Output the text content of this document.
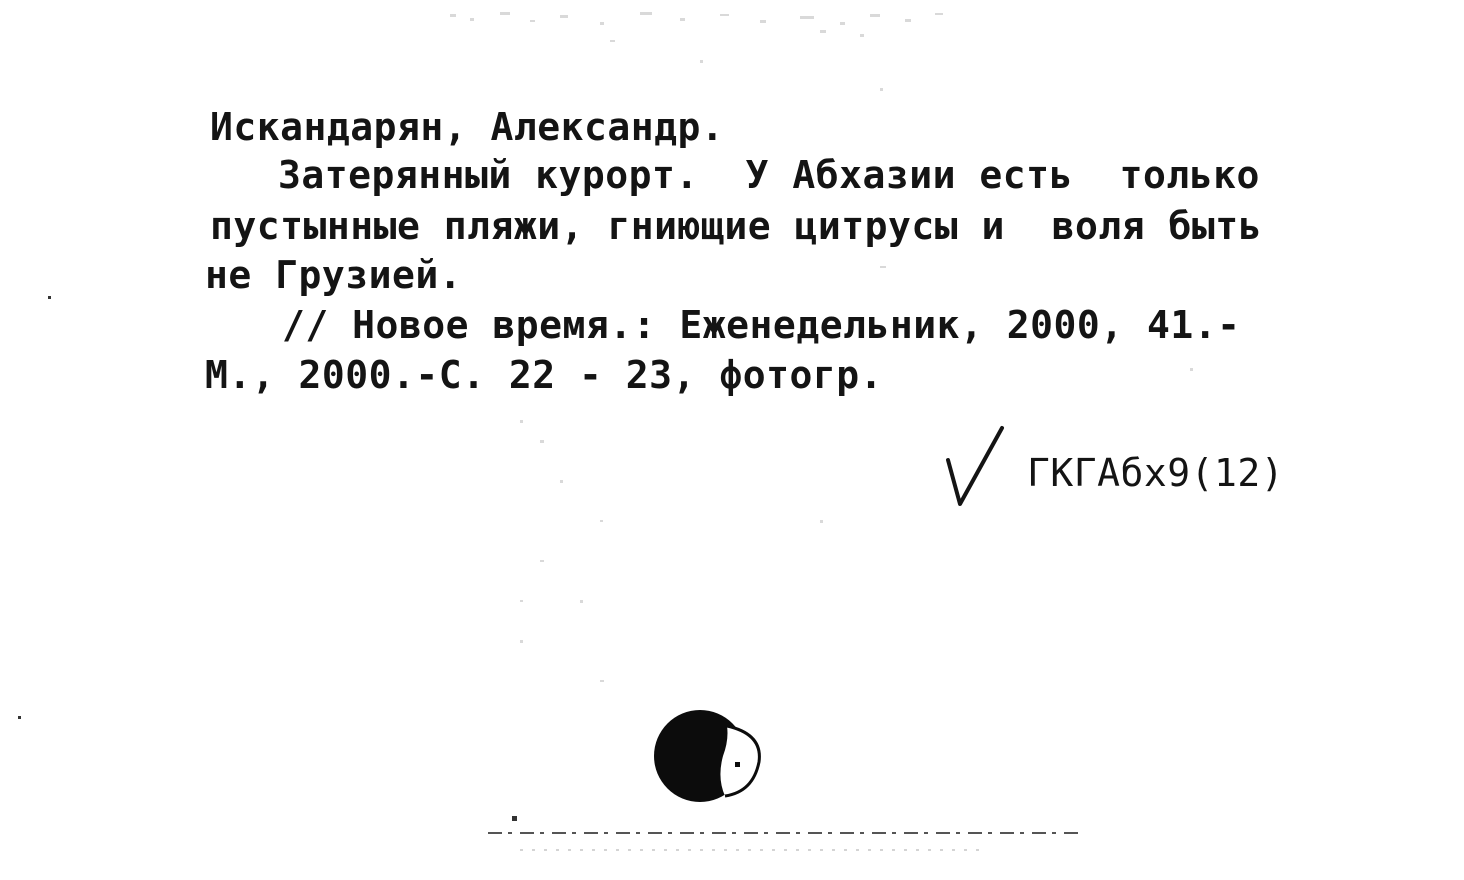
Искандарян, Александр.
Затерянный курорт.  У Абхазии есть  только
пустынные пляжи, гниющие цитрусы и  воля быть
не Грузией.
// Новое время.: Еженедельник, 2000, 41.-
М., 2000.-С. 22 - 23, фотогр.
ГКГАбх9(12)
